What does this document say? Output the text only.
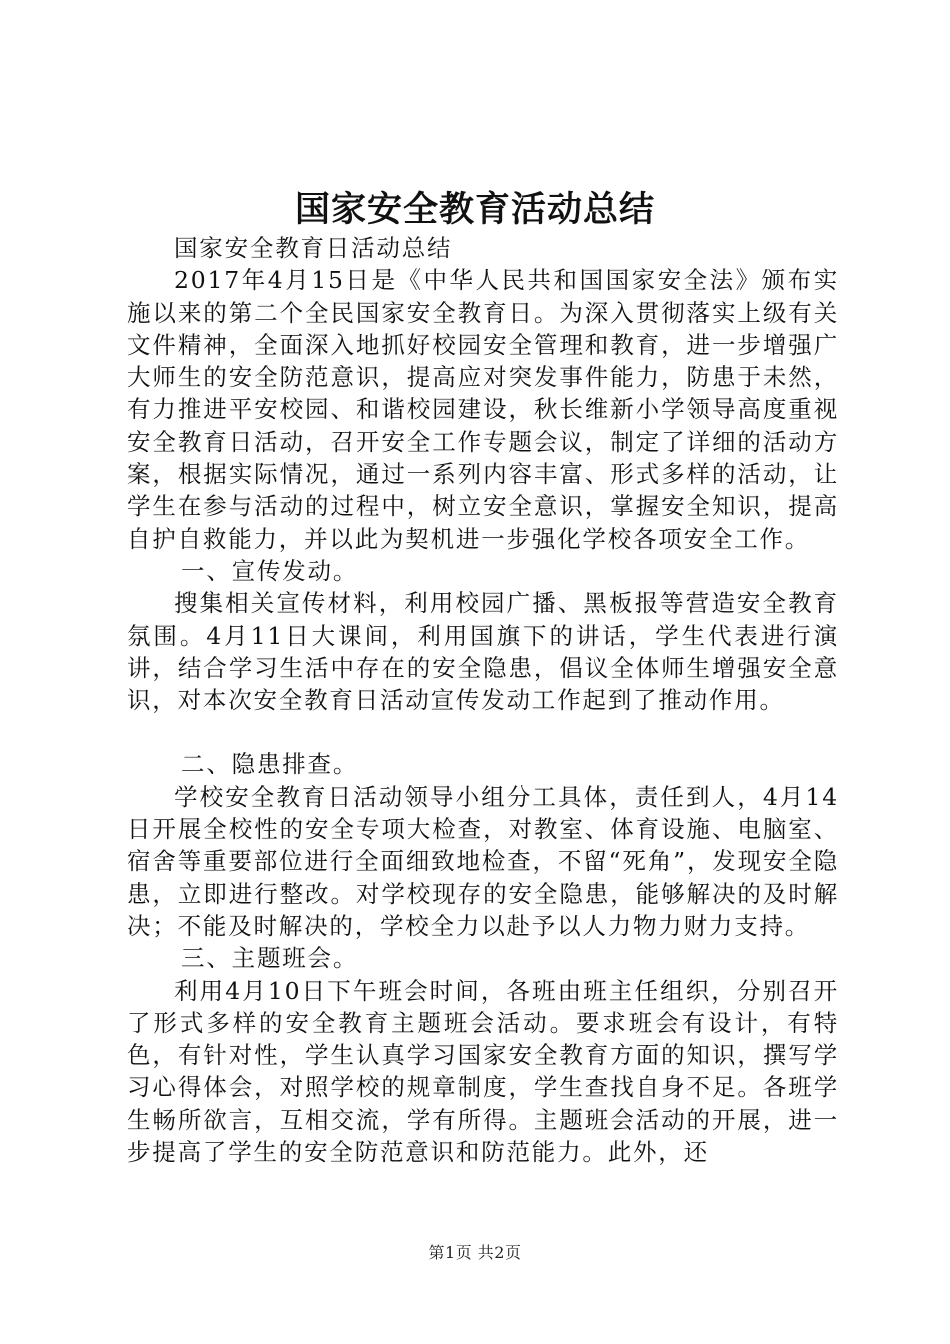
国家安全教育活动总结

国家安全教育日活动总结

2017年4月15日是《中华人民共和国国家安全法》颁布实施以来的第二个全民国家安全教育日。为深入贯彻落实上级有关文件精神，全面深入地抓好校园安全管理和教育，进一步增强广大师生的安全防范意识，提高应对突发事件能力，防患于未然，有力推进平安校园、和谐校园建设，秋长维新小学领导高度重视安全教育日活动，召开安全工作专题会议，制定了详细的活动方案，根据实际情况，通过一系列内容丰富、形式多样的活动，让学生在参与活动的过程中，树立安全意识，掌握安全知识，提高自护自救能力，并以此为契机进一步强化学校各项安全工作。

一、宣传发动。

搜集相关宣传材料，利用校园广播、黑板报等营造安全教育氛围。4月11日大课间，利用国旗下的讲话，学生代表进行演讲，结合学习生活中存在的安全隐患，倡议全体师生增强安全意识，对本次安全教育日活动宣传发动工作起到了推动作用。

二、隐患排查。

学校安全教育日活动领导小组分工具体，责任到人，4月14日开展全校性的安全专项大检查，对教室、体育设施、电脑室、宿舍等重要部位进行全面细致地检查，不留“死角”，发现安全隐患，立即进行整改。对学校现存的安全隐患，能够解决的及时解决；不能及时解决的，学校全力以赴予以人力物力财力支持。

三、主题班会。

利用4月10日下午班会时间，各班由班主任组织，分别召开了形式多样的安全教育主题班会活动。要求班会有设计，有特色，有针对性，学生认真学习国家安全教育方面的知识，撰写学习心得体会，对照学校的规章制度，学生查找自身不足。各班学生畅所欲言，互相交流，学有所得。主题班会活动的开展，进一步提高了学生的安全防范意识和防范能力。此外，还

第1页 共2页
